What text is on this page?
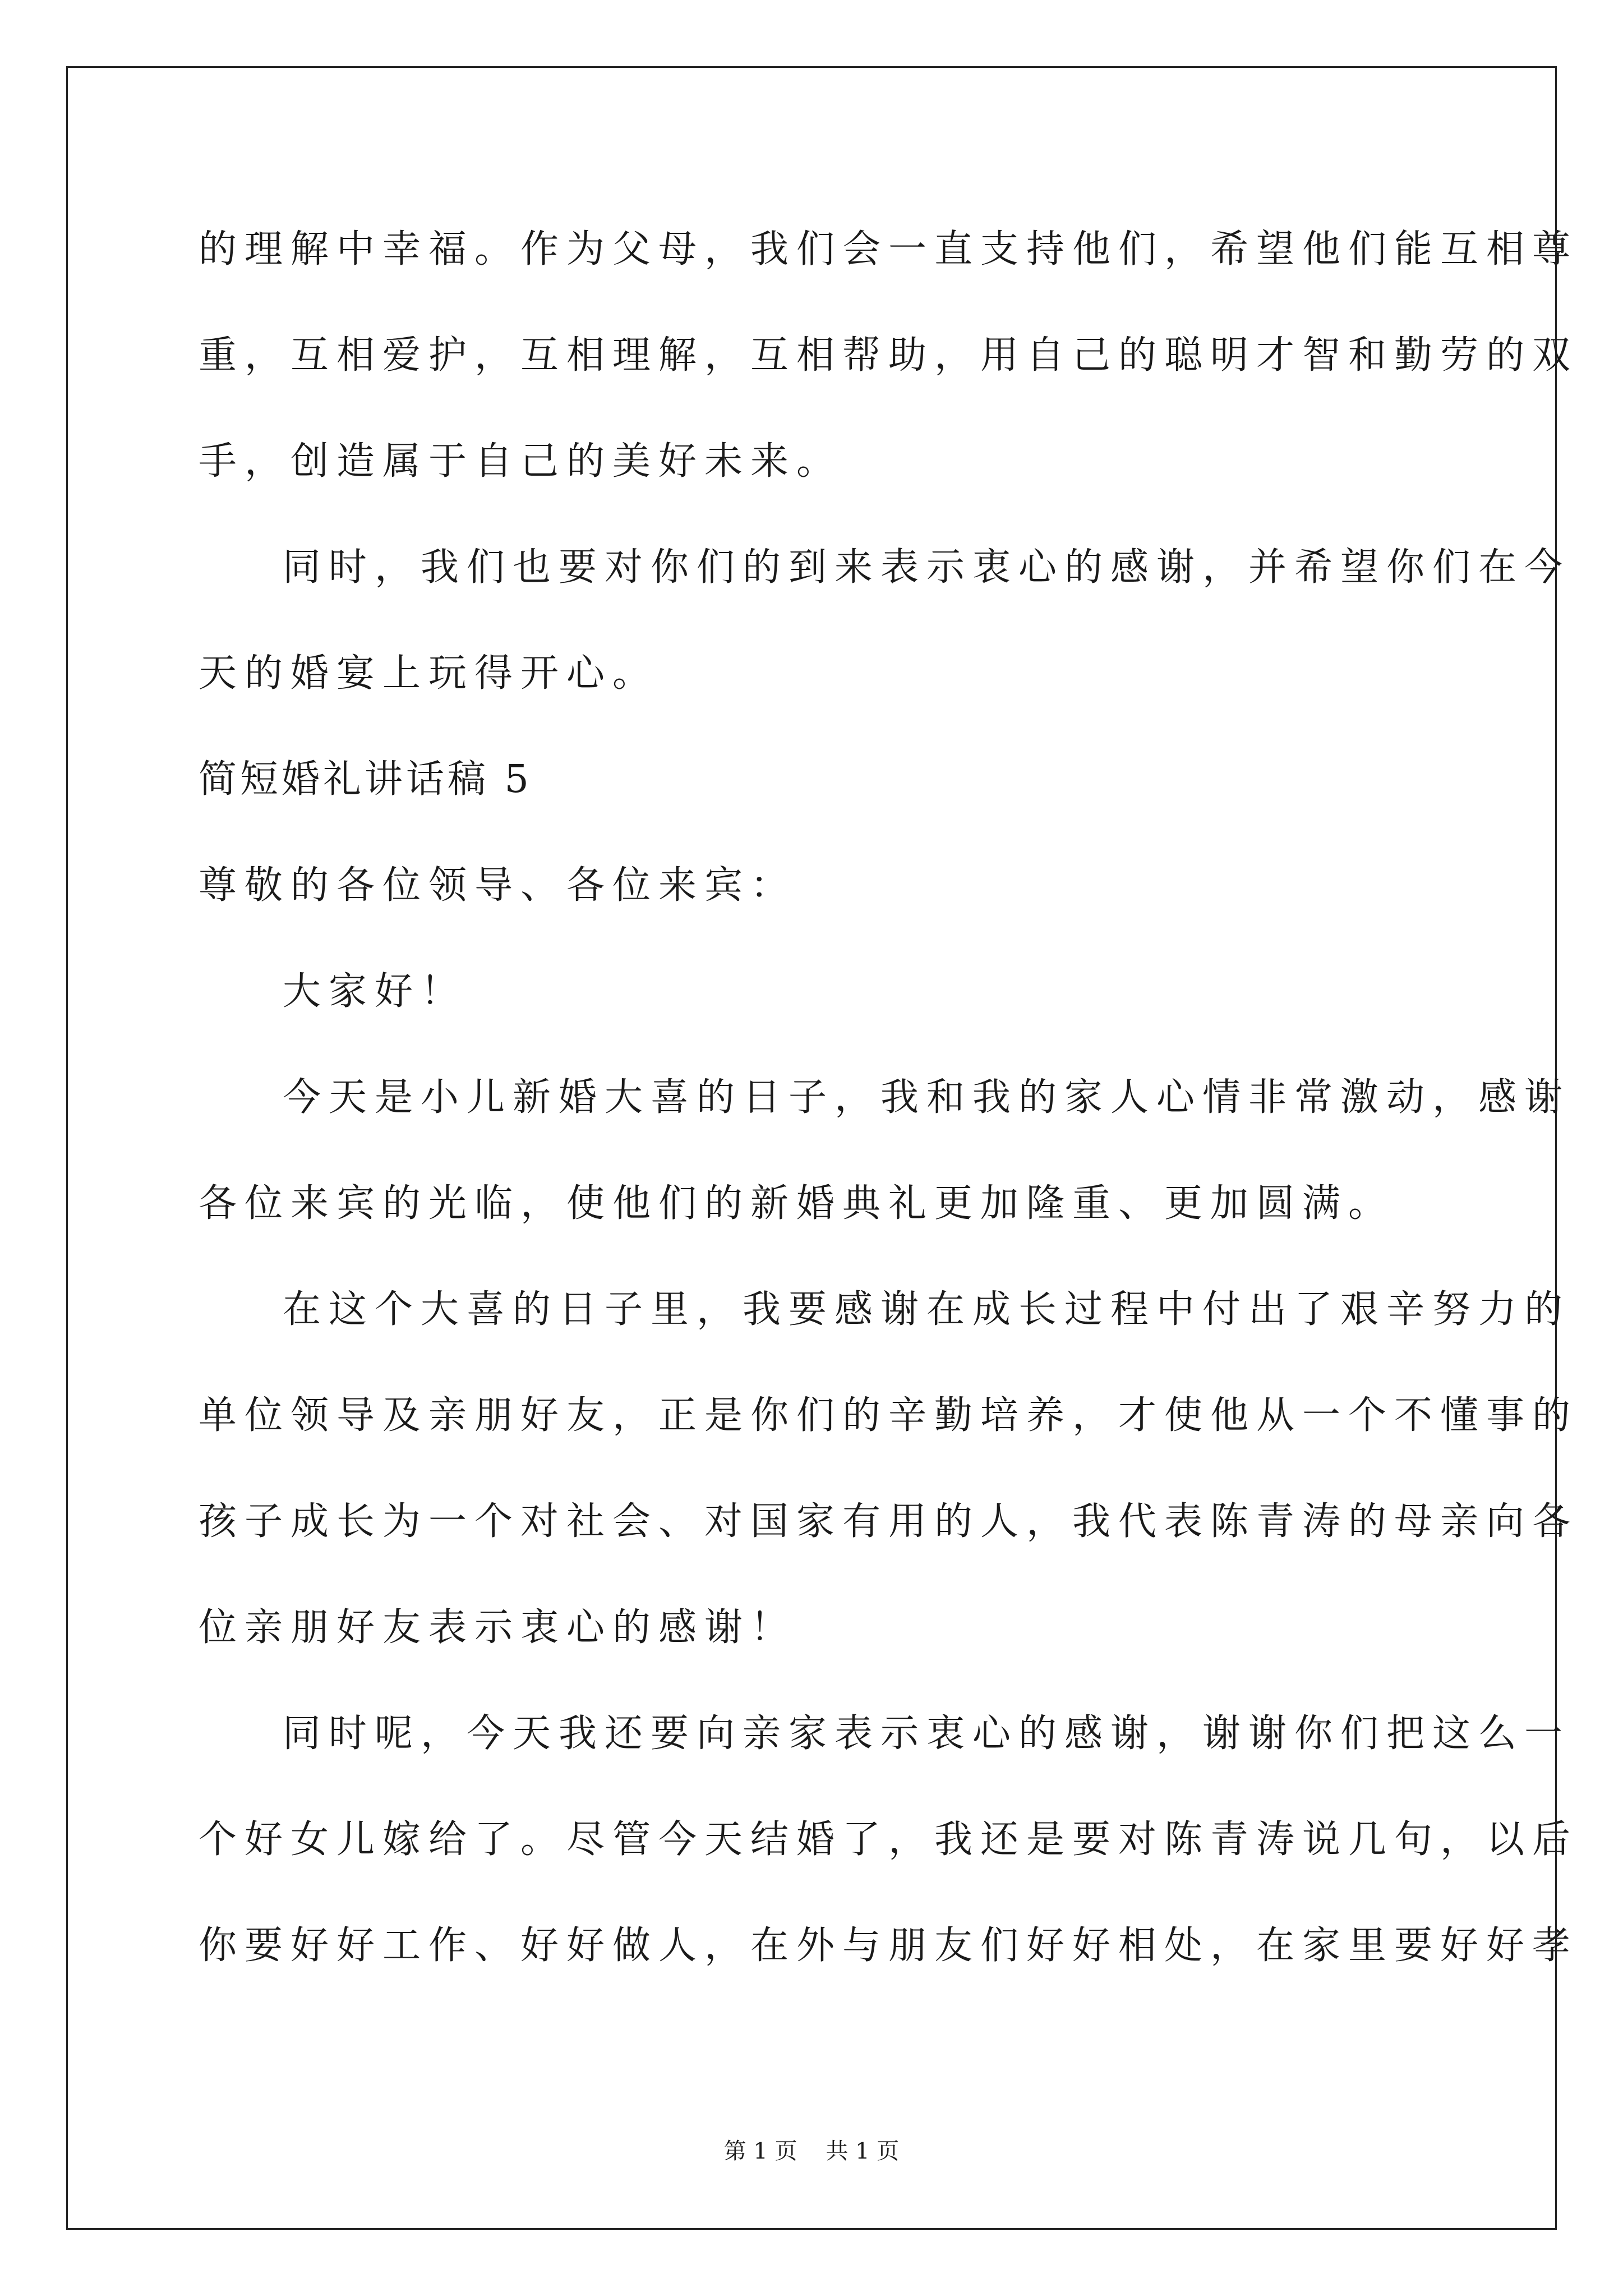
的理解中幸福。作为父母，我们会一直支持他们，希望他们能互相尊
重，互相爱护，互相理解，互相帮助，用自己的聪明才智和勤劳的双
手，创造属于自己的美好未来。
同时，我们也要对你们的到来表示衷心的感谢，并希望你们在今
天的婚宴上玩得开心。
简短婚礼讲话稿 5
尊敬的各位领导、各位来宾：
大家好！
今天是小儿新婚大喜的日子，我和我的家人心情非常激动，感谢
各位来宾的光临，使他们的新婚典礼更加隆重、更加圆满。
在这个大喜的日子里，我要感谢在成长过程中付出了艰辛努力的
单位领导及亲朋好友，正是你们的辛勤培养，才使他从一个不懂事的
孩子成长为一个对社会、对国家有用的人，我代表陈青涛的母亲向各
位亲朋好友表示衷心的感谢！
同时呢，今天我还要向亲家表示衷心的感谢，谢谢你们把这么一
个好女儿嫁给了。尽管今天结婚了，我还是要对陈青涛说几句，以后
你要好好工作、好好做人，在外与朋友们好好相处，在家里要好好孝
第 1 页    共 1 页
